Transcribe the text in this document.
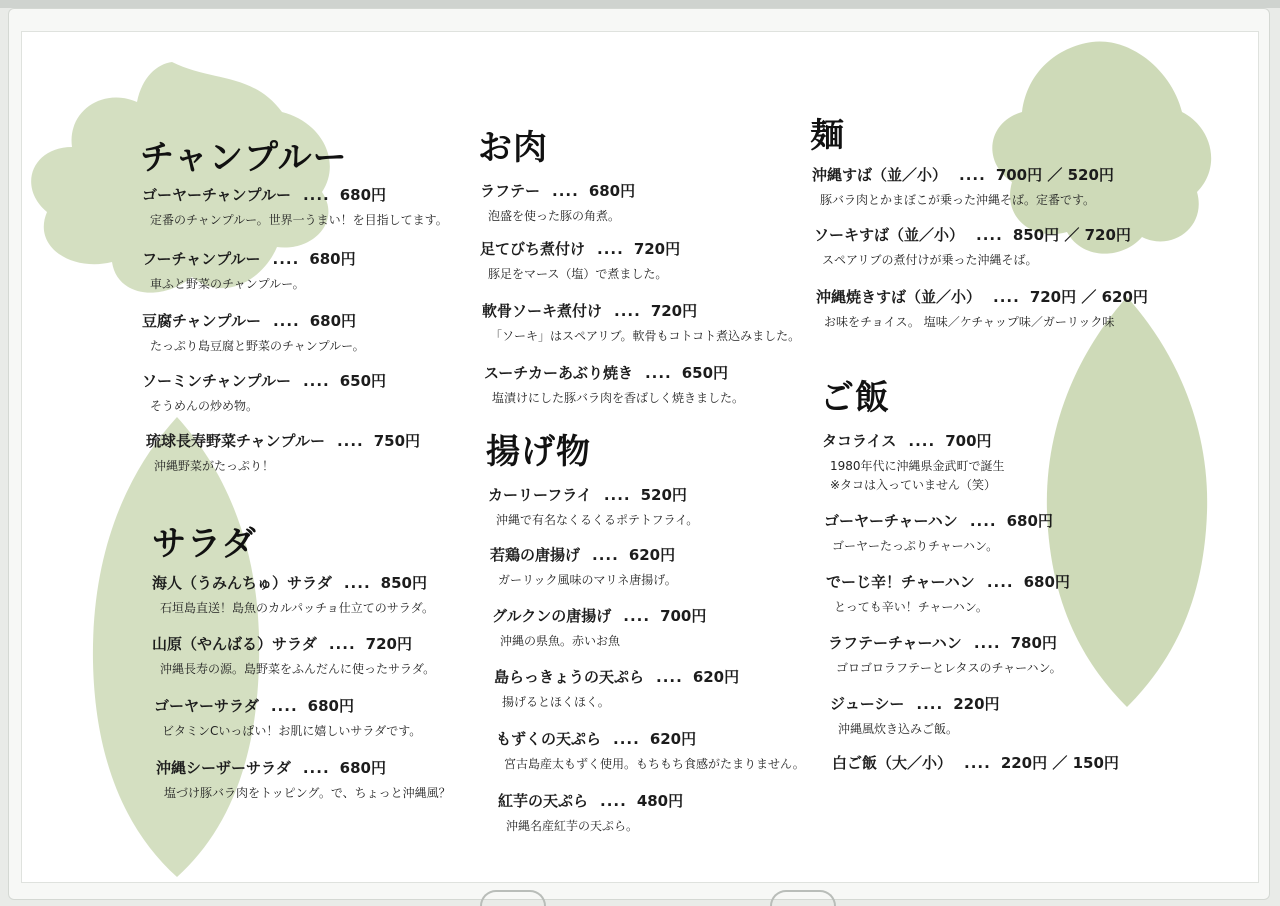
チャンプルー
ゴーヤーチャンプルー .... 680円
定番のチャンプルー。世界一うまい！を目指してます。
フーチャンプルー .... 680円
車ふと野菜のチャンプルー。
豆腐チャンプルー .... 680円
たっぷり島豆腐と野菜のチャンプルー。
ソーミンチャンプルー .... 650円
そうめんの炒め物。
琉球長寿野菜チャンプルー .... 750円
沖縄野菜がたっぷり！
サラダ
海人（うみんちゅ）サラダ .... 850円
石垣島直送！島魚のカルパッチョ仕立てのサラダ。
山原（やんばる）サラダ .... 720円
沖縄長寿の源。島野菜をふんだんに使ったサラダ。
ゴーヤーサラダ .... 680円
ビタミンCいっぱい！お肌に嬉しいサラダです。
沖縄シーザーサラダ .... 680円
塩づけ豚バラ肉をトッピング。で、ちょっと沖縄風？
お肉
ラフテー .... 680円
泡盛を使った豚の角煮。
足てびち煮付け .... 720円
豚足をマース（塩）で煮ました。
軟骨ソーキ煮付け .... 720円
「ソーキ」はスペアリブ。軟骨もコトコト煮込みました。
スーチカーあぶり焼き .... 650円
塩漬けにした豚バラ肉を香ばしく焼きました。
揚げ物
カーリーフライ .... 520円
沖縄で有名なくるくるポテトフライ。
若鶏の唐揚げ .... 620円
ガーリック風味のマリネ唐揚げ。
グルクンの唐揚げ .... 700円
沖縄の県魚。赤いお魚
島らっきょうの天ぷら .... 620円
揚げるとほくほく。
もずくの天ぷら .... 620円
宮古島産太もずく使用。もちもち食感がたまりません。
紅芋の天ぷら .... 480円
沖縄名産紅芋の天ぷら。
麺
沖縄すば（並／小） .... 700円 ／ 520円
豚バラ肉とかまぼこが乗った沖縄そば。定番です。
ソーキすば（並／小） .... 850円 ／ 720円
スペアリブの煮付けが乗った沖縄そば。
沖縄焼きすば（並／小） .... 720円 ／ 620円
お味をチョイス。 塩味／ケチャップ味／ガーリック味
ご飯
タコライス .... 700円
1980年代に沖縄県金武町で誕生
※タコは入っていません（笑）
ゴーヤーチャーハン .... 680円
ゴーヤーたっぷりチャーハン。
でーじ辛！チャーハン .... 680円
とっても辛い！チャーハン。
ラフテーチャーハン .... 780円
ゴロゴロラフテーとレタスのチャーハン。
ジューシー .... 220円
沖縄風炊き込みご飯。
白ご飯（大／小） .... 220円 ／ 150円
